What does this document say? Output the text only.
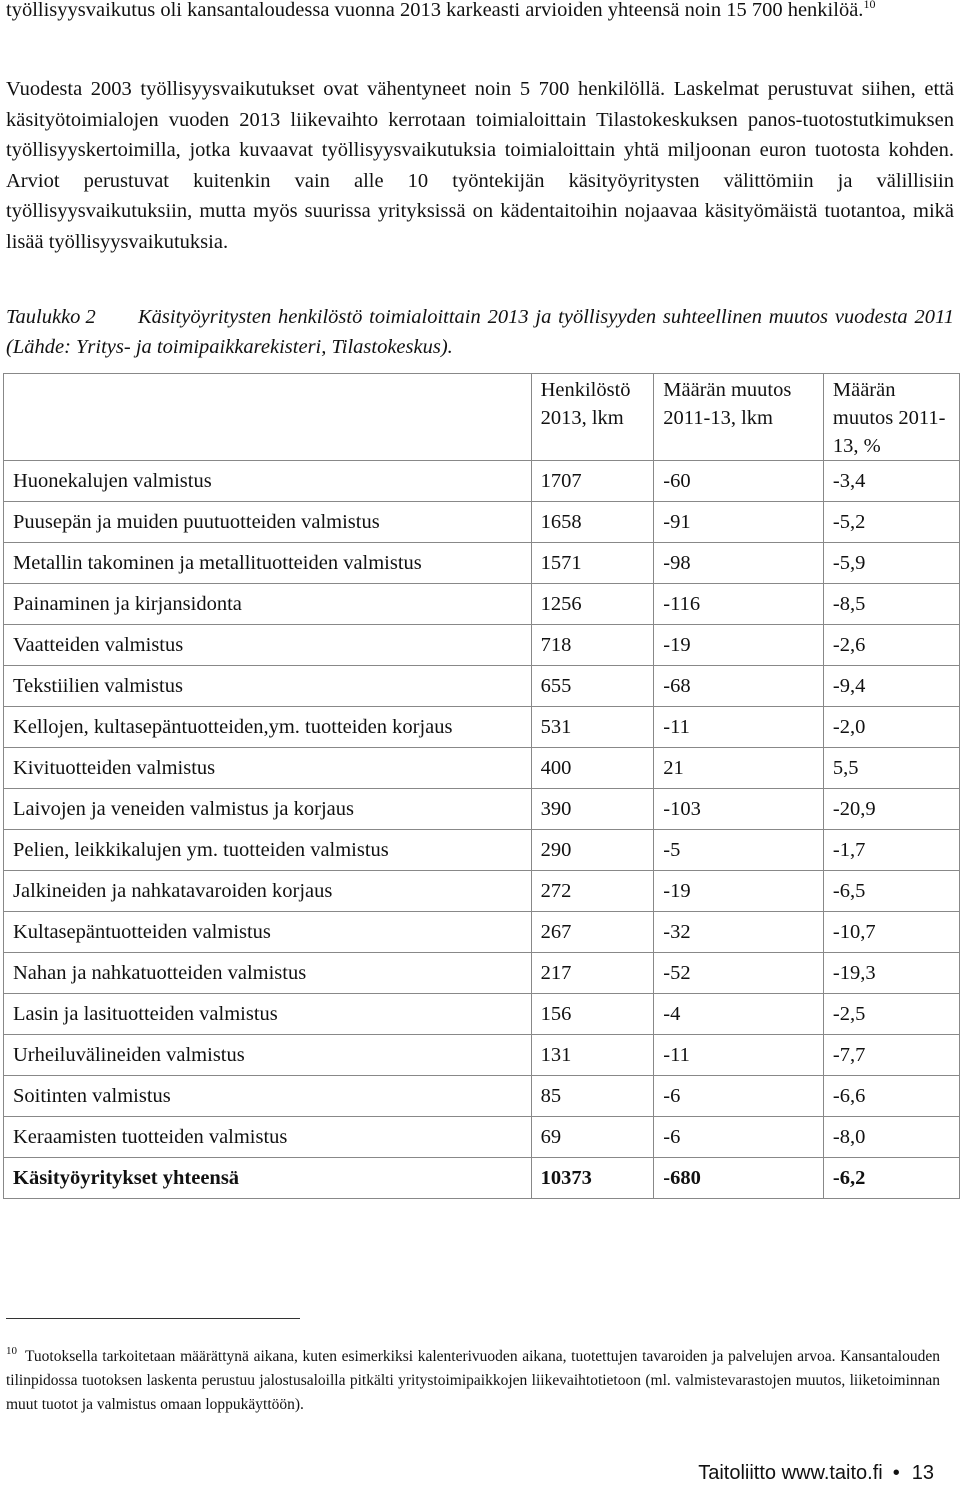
työllisyysvaikutus oli kansantaloudessa vuonna 2013 karkeasti arvioiden yhteensä noin 15 700 henkilöä.$^{10}$

Vuodesta 2003 työllisyysvaikutukset ovat vähentyneet noin 5 700 henkilöllä. Laskelmat perustuvat siihen, että käsityötoimialojen vuoden 2013 liikevaihto kerrotaan toimialoittain Tilastokeskuksen panos-tuotostutkimuksen työllisyyskertoimilla, jotka kuvaavat työllisyysvaikutuksia toimialoittain yhtä miljoonan euron tuotosta kohden. Arviot perustuvat kuitenkin vain alle 10 työntekijän käsityöyritysten välittömiin ja välillisiin työllisyysvaikutuksiin, mutta myös suurissa yrityksissä on kädentaitoihin nojaavaa käsityömäistä tuotantoa, mikä lisää työllisyysvaikutuksia.

Taulukko 2 Käsityöyritysten henkilöstö toimialoittain 2013 ja työllisyyden suhteellinen muutos vuodesta 2011 (Lähde: Yritys- ja toimipaikkarekisteri, Tilastokeskus).

	Henkilöstö 2013, lkm	Määrän muutos 2011-13, lkm	Määrän muutos 2011-13, %
Huonekalujen valmistus	1707	-60	-3,4
Puusepän ja muiden puutuotteiden valmistus	1658	-91	-5,2
Metallin takominen ja metallituotteiden valmistus	1571	-98	-5,9
Painaminen ja kirjansidonta	1256	-116	-8,5
Vaatteiden valmistus	718	-19	-2,6
Tekstiilien valmistus	655	-68	-9,4
Kellojen, kultasepäntuotteiden,ym. tuotteiden korjaus	531	-11	-2,0
Kivituotteiden valmistus	400	21	5,5
Laivojen ja veneiden valmistus ja korjaus	390	-103	-20,9
Pelien, leikkikalujen ym. tuotteiden valmistus	290	-5	-1,7
Jalkineiden ja nahkatavaroiden korjaus	272	-19	-6,5
Kultasepäntuotteiden valmistus	267	-32	-10,7
Nahan ja nahkatuotteiden valmistus	217	-52	-19,3
Lasin ja lasituotteiden valmistus	156	-4	-2,5
Urheiluvälineiden valmistus	131	-11	-7,7
Soitinten valmistus	85	-6	-6,6
Keraamisten tuotteiden valmistus	69	-6	-8,0
Käsityöyritykset yhteensä	10373	-680	-6,2

$^{10}$ Tuotoksella tarkoitetaan määrättynä aikana, kuten esimerkiksi kalenterivuoden aikana, tuotettujen tavaroiden ja palvelujen arvoa. Kansantalouden tilinpidossa tuotoksen laskenta perustuu jalostusaloilla pitkälti yritystoimipaikkojen liikevaihtotietoon (ml. valmistevarastojen muutos, liiketoiminnan muut tuotot ja valmistus omaan loppukäyttöön).

Taitoliitto www.taito.fi • 13
